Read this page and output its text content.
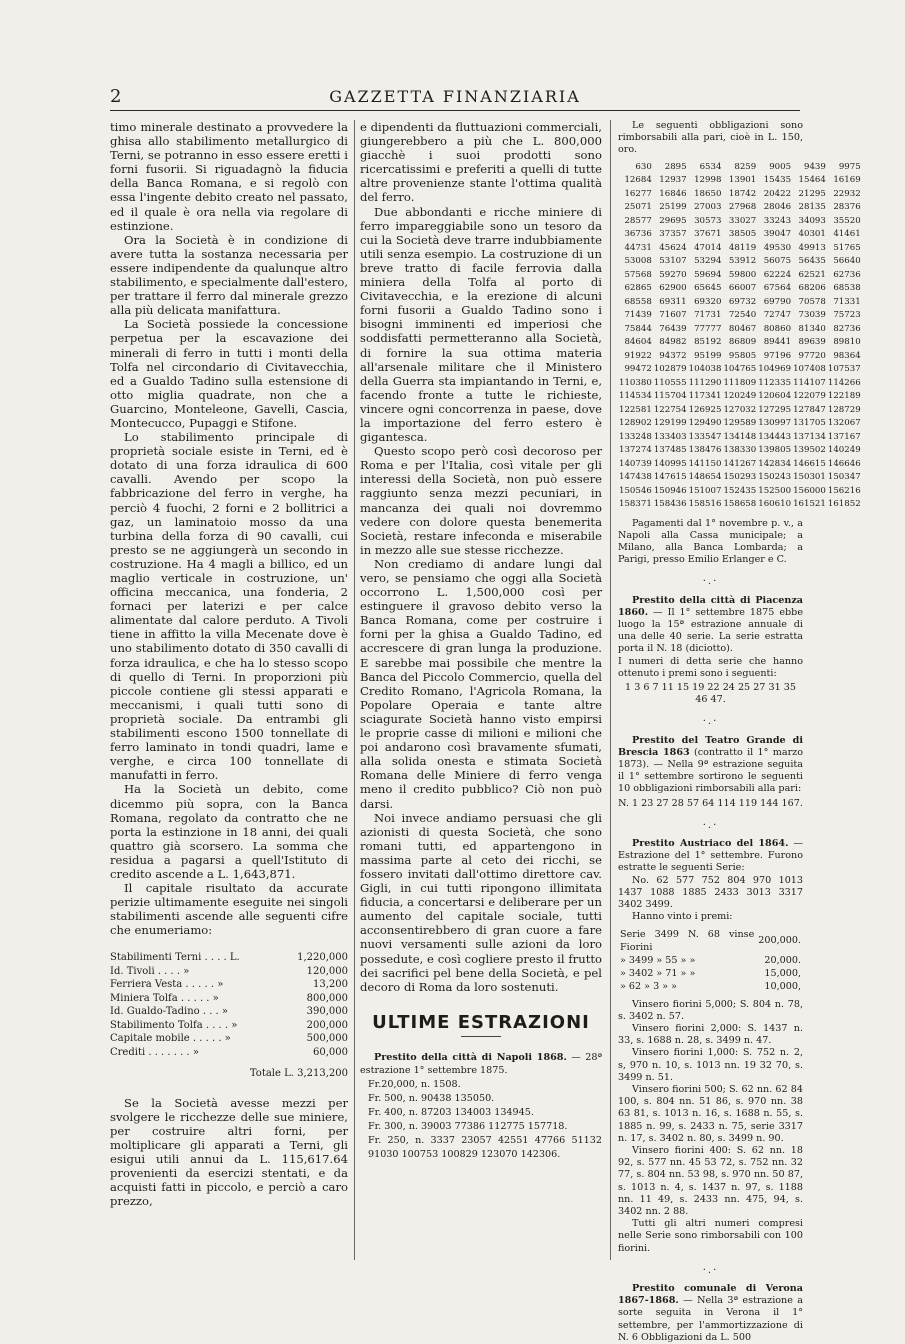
2	GAZZETTA FINANZIARIA

timo minerale destinato a provvedere la ghisa allo stabilimento metallurgico di Terni, se potranno in esso essere eretti i forni fusorii. Si riguadagnò la fiducia della Banca Romana, e si regolò con essa l'ingente debito creato nel passato, ed il quale è ora nella via regolare di estinzione.

Ora la Società è in condizione di avere tutta la sostanza necessaria per essere indipendente da qualunque altro stabilimento, e specialmente dall'estero, per trattare il ferro dal minerale grezzo alla più delicata manifattura.

La Società possiede la concessione perpetua per la escavazione dei minerali di ferro in tutti i monti della Tolfa nel circondario di Civitavecchia, ed a Gualdo Tadino sulla estensione di otto miglia quadrate, non che a Guarcino, Monteleone, Gavelli, Cascia, Montecucco, Pupaggi e Stifone.

Lo stabilimento principale di proprietà sociale esiste in Terni, ed è dotato di una forza idraulica di 600 cavalli. Avendo per scopo la fabbricazione del ferro in verghe, ha perciò 4 fuochi, 2 forni e 2 bollitrici a gaz, un laminatoio mosso da una turbina della forza di 90 cavalli, cui presto se ne aggiungerà un secondo in costruzione. Ha 4 magli a billico, ed un maglio verticale in costruzione, un' officina meccanica, una fonderia, 2 fornaci per laterizi e per calce alimentate dal calore perduto. A Tivoli tiene in affitto la villa Mecenate dove è uno stabilimento dotato di 350 cavalli di forza idraulica, e che ha lo stesso scopo di quello di Terni. In proporzioni più piccole contiene gli stessi apparati e meccanismi, i quali tutti sono di proprietà sociale. Da entrambi gli stabilimenti escono 1500 tonnellate di ferro laminato in tondi quadri, lame e verghe, e circa 100 tonnellate di manufatti in ferro.

Ha la Società un debito, come dicemmo più sopra, con la Banca Romana, regolato da contratto che ne porta la estinzione in 18 anni, dei quali quattro già scorsero. La somma che residua a pagarsi a quell'Istituto di credito ascende a L. 1,643,871.

Il capitale risultato da accurate perizie ultimamente eseguite nei singoli stabilimenti ascende alle seguenti cifre che enumeriamo:

Stabilimenti Terni . . . . L.	1,220,000
Id. Tivoli . . . . »	120,000
Ferriera Vesta . . . . . »	13,200
Miniera Tolfa . . . . . »	800,000
Id. Gualdo-Tadino . . . »	390,000
Stabilimento Tolfa . . . . »	200,000
Capitale mobile . . . . . »	500,000
Crediti . . . . . . . »	60,000
Totale L. 3,213,200

Se la Società avesse mezzi per svolgere le ricchezze delle sue miniere, per costruire altri forni, per moltiplicare gli apparati a Terni, gli esigui utili annui da L. 115,617.64 provenienti da esercizi stentati, e da acquisti fatti in piccolo, e perciò a caro prezzo,

e dipendenti da fluttuazioni commerciali, giungerebbero a più che L. 800,000 giacchè i suoi prodotti sono ricercatissimi e preferiti a quelli di tutte altre provenienze stante l'ottima qualità del ferro.

Due abbondanti e ricche miniere di ferro impareggiabile sono un tesoro da cui la Società deve trarre indubbiamente utili senza esempio. La costruzione di un breve tratto di facile ferrovia dalla miniera della Tolfa al porto di Civitavecchia, e la erezione di alcuni forni fusorii a Gualdo Tadino sono i bisogni imminenti ed imperiosi che soddisfatti permetteranno alla Società, di fornire la sua ottima materia all'arsenale militare che il Ministero della Guerra sta impiantando in Terni, e, facendo fronte a tutte le richieste, vincere ogni concorrenza in paese, dove la importazione del ferro estero è gigantesca.

Questo scopo però così decoroso per Roma e per l'Italia, così vitale per gli interessi della Società, non può essere raggiunto senza mezzi pecuniari, in mancanza dei quali noi dovremmo vedere con dolore questa benemerita Società, restare infeconda e miserabile in mezzo alle sue stesse ricchezze.

Non crediamo di andare lungi dal vero, se pensiamo che oggi alla Società occorrono L. 1,500,000 così per estinguere il gravoso debito verso la Banca Romana, come per costruire i forni per la ghisa a Gualdo Tadino, ed accrescere di gran lunga la produzione. E sarebbe mai possibile che mentre la Banca del Piccolo Commercio, quella del Credito Romano, l'Agricola Romana, la Popolare Operaia e tante altre sciagurate Società hanno visto empirsi le proprie casse di milioni e milioni che poi andarono così bravamente sfumati, alla solida onesta e stimata Società Romana delle Miniere di ferro venga meno il credito pubblico? Ciò non può darsi.

Noi invece andiamo persuasi che gli azionisti di questa Società, che sono romani tutti, ed appartengono in massima parte al ceto dei ricchi, se fossero invitati dall'ottimo direttore cav. Gigli, in cui tutti ripongono illimitata fiducia, a concertarsi e deliberare per un aumento del capitale sociale, tutti acconsentirebbero di gran cuore a fare nuovi versamenti sulle azioni da loro possedute, e così cogliere presto il frutto dei sacrifici pel bene della Società, e pel decoro di Roma da loro sostenuti.

ULTIME ESTRAZIONI

Prestito della città di Napoli 1868. — 28ª estrazione 1° settembre 1875.

Fr.20,000, n. 1508.
Fr. 500, n. 90438 135050.
Fr. 400, n. 87203 134003 134945.
Fr. 300, n. 39003 77386 112775 157718.
Fr. 250, n. 3337 23057 42551 47766 51132 91030 100753 100829 123070 142306.

Le seguenti obbligazioni sono rimborsabili alla pari, cioè in L. 150, oro.

630	2895	6534	8259	9005	9439	9975
12684	12937	12998	13901	15435	15464	16169
16277	16846	18650	18742	20422	21295	22932
25071	25199	27003	27968	28046	28135	28376
28577	29695	30573	33027	33243	34093	35520
36736	37357	37671	38505	39047	40301	41461
44731	45624	47014	48119	49530	49913	51765
53008	53107	53294	53912	56075	56435	56640
57568	59270	59694	59800	62224	62521	62736
62865	62900	65645	66007	67564	68206	68538
68558	69311	69320	69732	69790	70578	71331
71439	71607	71731	72540	72747	73039	75723
75844	76439	77777	80467	80860	81340	82736
84604	84982	85192	86809	89441	89639	89810
91922	94372	95199	95805	97196	97720	98364
99472	102879	104038	104765	104969	107408	107537
110380	110555	111290	111809	112335	114107	114266
114534	115704	117341	120249	120604	122079	122189
122581	122754	126925	127032	127295	127847	128729
128902	129199	129490	129589	130997	131705	132067
133248	133403	133547	134148	134443	137134	137167
137274	137485	138476	138330	139805	139502	140249
140739	140995	141150	141267	142834	146615	146646
147438	147615	148654	150293	150243	150301	150347
150546	150946	151007	152435	152500	156000	156216
158371	158436	158516	158658	160610	161521	161852

Pagamenti dal 1° novembre p. v., a Napoli alla Cassa municipale; a Milano, alla Banca Lombarda; a Parigi, presso Emilio Erlanger e C.

·.·

Prestito della città di Piacenza 1860. — Il 1° settembre 1875 ebbe luogo la 15ª estrazione annuale di una delle 40 serie. La serie estratta porta il N. 18 (diciotto).

I numeri di detta serie che hanno ottenuto i premi sono i seguenti:

1 3 6 7 11 15 19 22 24 25 27 31 35 46 47.
·.·

Prestito del Teatro Grande di Brescia 1863 (contratto il 1° marzo 1873). — Nella 9ª estrazione seguita il 1° settembre sortirono le seguenti 10 obbligazioni rimborsabili alla pari:

N. 1 23 27 28 57 64 114 119 144 167.
·.·

Prestito Austriaco del 1864. — Estrazione del 1° settembre. Furono estratte le seguenti Serie:

No. 62 577 752 804 970 1013 1437 1088 1885 2433 3013 3317 3402 3499.

Hanno vinto i premi:

Serie 3499 N. 68 vinse Fiorini	200,000.
» 3499 » 55 » »	20,000.
» 3402 » 71 » »	15,000,
» 62 » 3 » »	10,000,

Vinsero fiorini 5,000; S. 804 n. 78, s. 3402 n. 57.

Vinsero fiorini 2,000: S. 1437 n. 33, s. 1688 n. 28, s. 3499 n. 47.

Vinsero fiorini 1,000: S. 752 n. 2, s, 970 n. 10, s. 1013 nn. 19 32 70, s. 3499 n. 51.

Vinsero fiorini 500; S. 62 nn. 62 84 100, s. 804 nn. 51 86, s. 970 nn. 38 63 81, s. 1013 n. 16, s. 1688 n. 55, s. 1885 n. 99, s. 2433 n. 75, serie 3317 n. 17, s. 3402 n. 80, s. 3499 n. 90.

Vinsero fiorini 400: S. 62 nn. 18 92, s. 577 nn. 45 53 72, s. 752 nn. 32 77, s. 804 nn. 53 98, s. 970 nn. 50 87, s. 1013 n. 4, s. 1437 n. 97, s. 1188 nn. 11 49, s. 2433 nn. 475, 94, s. 3402 nn. 2 88.

Tutti gli altri numeri compresi nelle Serie sono rimborsabili con 100 fiorini.

·.·

Prestito comunale di Verona 1867-1868. — Nella 3ª estrazione a sorte seguita in Verona il 1° settembre, per l'ammortizzazione di N. 6 Obbligazioni da L. 500
